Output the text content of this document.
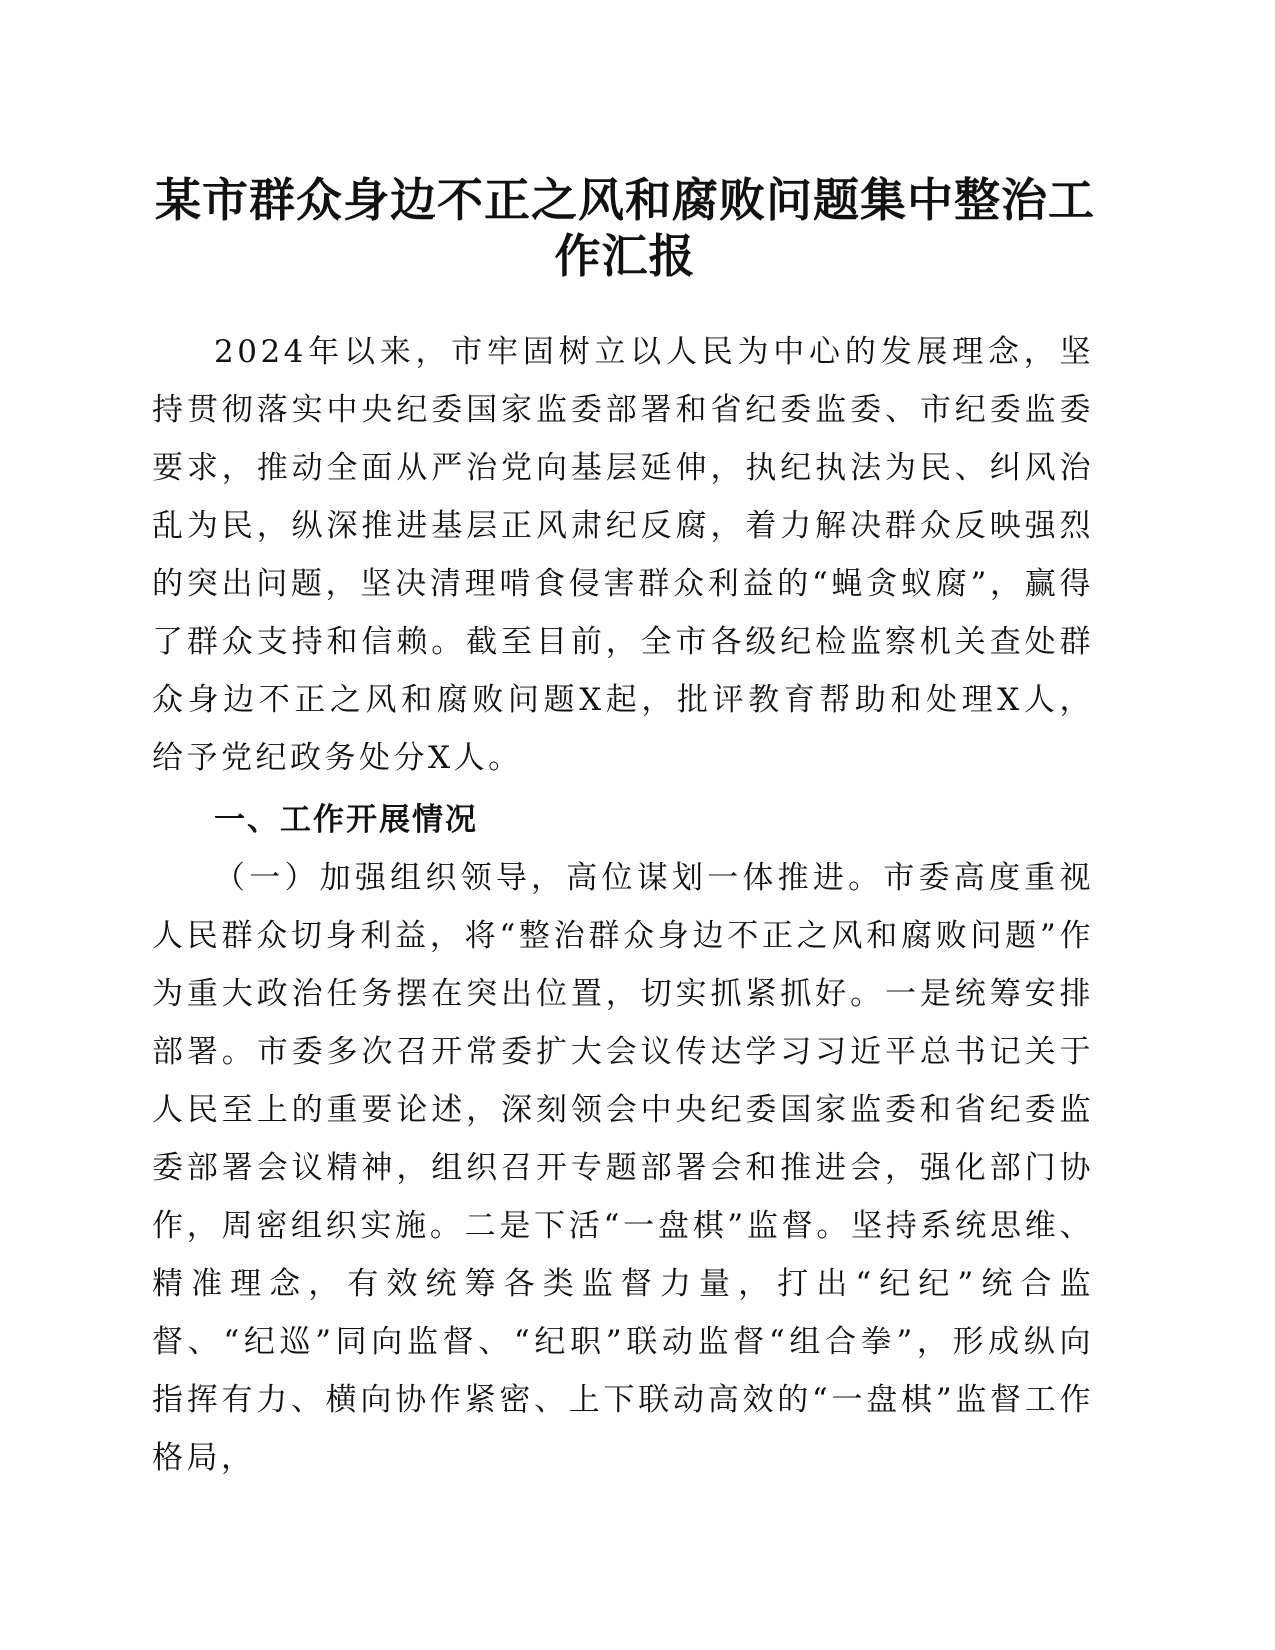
某市群众身边不正之风和腐败问题集中整治工作汇报

2024年以来，市牢固树立以人民为中心的发展理念，坚持贯彻落实中央纪委国家监委部署和省纪委监委、市纪委监委要求，推动全面从严治党向基层延伸，执纪执法为民、纠风治乱为民，纵深推进基层正风肃纪反腐，着力解决群众反映强烈的突出问题，坚决清理啃食侵害群众利益的“蝇贪蚁腐”，赢得了群众支持和信赖。截至目前，全市各级纪检监察机关查处群众身边不正之风和腐败问题X起，批评教育帮助和处理X人，给予党纪政务处分X人。

一、工作开展情况

（一）加强组织领导，高位谋划一体推进。市委高度重视人民群众切身利益，将“整治群众身边不正之风和腐败问题”作为重大政治任务摆在突出位置，切实抓紧抓好。一是统筹安排部署。市委多次召开常委扩大会议传达学习习近平总书记关于人民至上的重要论述，深刻领会中央纪委国家监委和省纪委监委部署会议精神，组织召开专题部署会和推进会，强化部门协作，周密组织实施。二是下活“一盘棋”监督。坚持系统思维、精准理念，有效统筹各类监督力量，打出“纪纪”统合监督、“纪巡”同向监督、“纪职”联动监督“组合拳”，形成纵向指挥有力、横向协作紧密、上下联动高效的“一盘棋”监督工作格局，
